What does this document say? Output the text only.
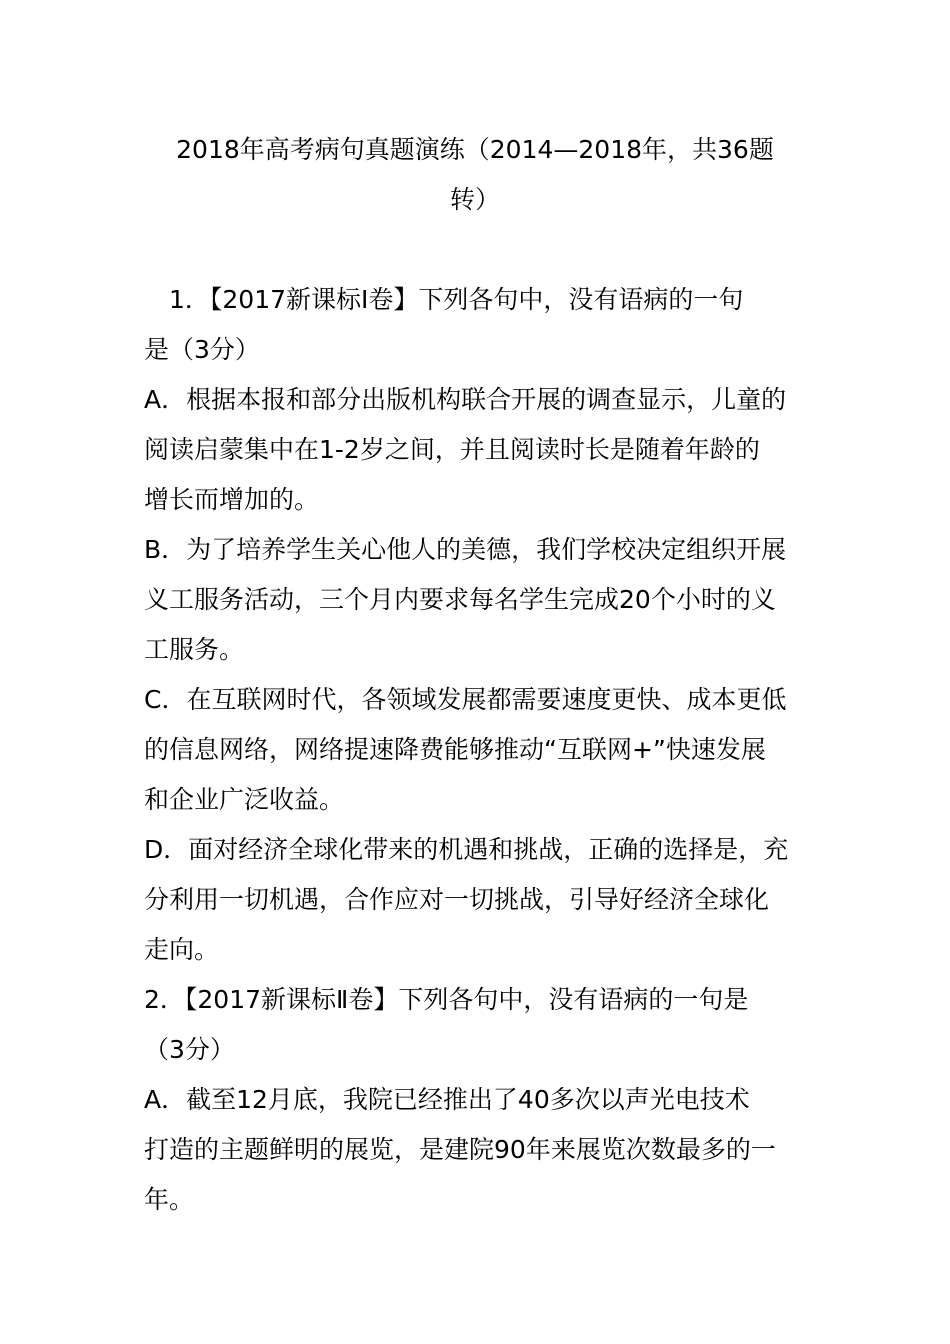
2018年高考病句真题演练（2014—2018年，共36题
转）
　1．【2017新课标Ⅰ卷】下列各句中，没有语病的一句
是（3分）
A．根据本报和部分出版机构联合开展的调查显示，儿童的
阅读启蒙集中在1-2岁之间，并且阅读时长是随着年龄的
增长而增加的。
B．为了培养学生关心他人的美德，我们学校决定组织开展
义工服务活动，三个月内要求每名学生完成20个小时的义
工服务。
C．在互联网时代，各领域发展都需要速度更快、成本更低
的信息网络，网络提速降费能够推动“互联网+”快速发展
和企业广泛收益。
D．面对经济全球化带来的机遇和挑战，正确的选择是，充
分利用一切机遇，合作应对一切挑战，引导好经济全球化
走向。
2．【2017新课标Ⅱ卷】下列各句中，没有语病的一句是
（3分）
A．截至12月底，我院已经推出了40多次以声光电技术
打造的主题鲜明的展览，是建院90年来展览次数最多的一
年。
